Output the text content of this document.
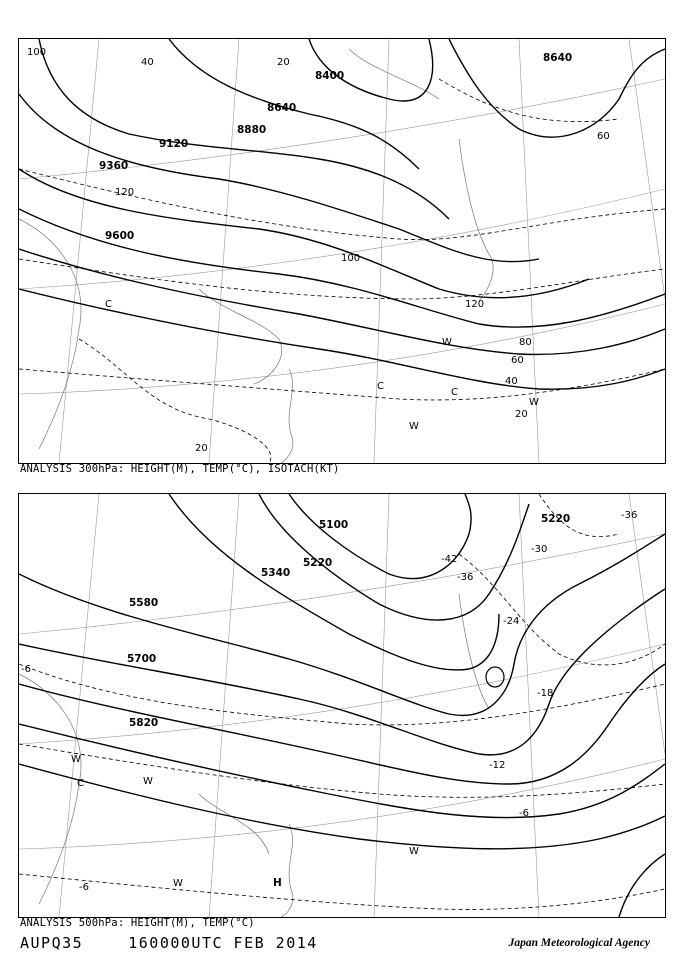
8400
8640
8880
9120
9360
9600
8640
100
20
40
120
100
120
80
60
40
20
20
60
W
W
W
C
C
C
ANALYSIS 300hPa: HEIGHT(M), TEMP(°C), ISOTACH(KT)
5100
5220
5340
5580
5700
5820
5220
-42
-36
-36
-30
-24
-18
-12
-6
-6
-6
W
W
W
W
C
H
ANALYSIS 500hPa: HEIGHT(M), TEMP(°C)
AUPQ35	160000UTC FEB 2014	Japan Meteorological Agency
